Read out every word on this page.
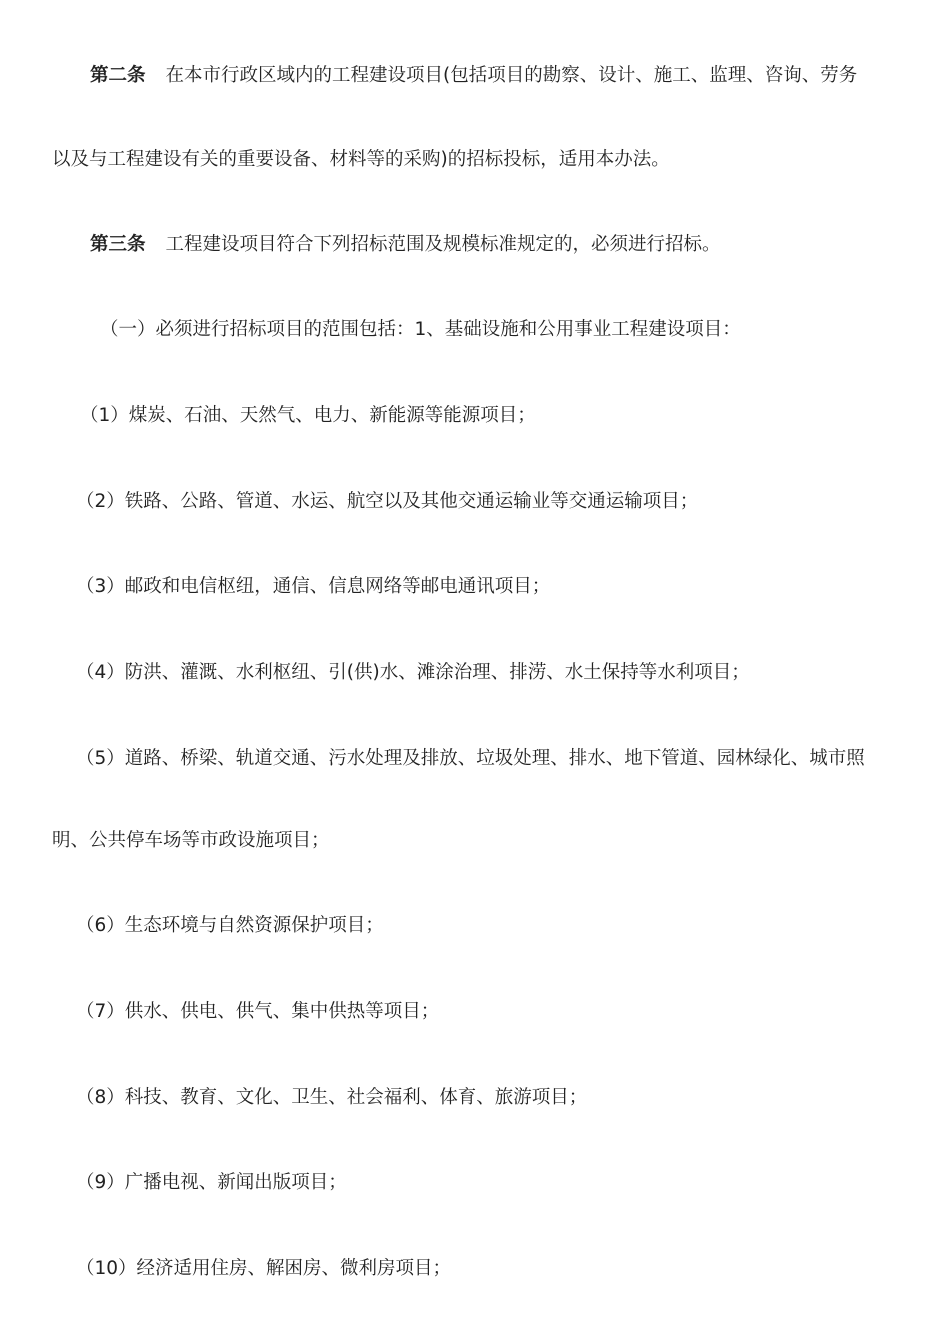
第二条 在本市行政区域内的工程建设项目(包括项目的勘察、设计、施工、监理、咨询、劳务

以及与工程建设有关的重要设备、材料等的采购)的招标投标，适用本办法。

第三条 工程建设项目符合下列招标范围及规模标准规定的，必须进行招标。

（一）必须进行招标项目的范围包括：1、基础设施和公用事业工程建设项目：

（1）煤炭、石油、天然气、电力、新能源等能源项目；

（2）铁路、公路、管道、水运、航空以及其他交通运输业等交通运输项目；

（3）邮政和电信枢纽，通信、信息网络等邮电通讯项目；

（4）防洪、灌溉、水利枢纽、引(供)水、滩涂治理、排涝、水土保持等水利项目；

（5）道路、桥梁、轨道交通、污水处理及排放、垃圾处理、排水、地下管道、园林绿化、城市照

明、公共停车场等市政设施项目；

（6）生态环境与自然资源保护项目；

（7）供水、供电、供气、集中供热等项目；

（8）科技、教育、文化、卫生、社会福利、体育、旅游项目；

（9）广播电视、新闻出版项目；

（10）经济适用住房、解困房、微利房项目；
